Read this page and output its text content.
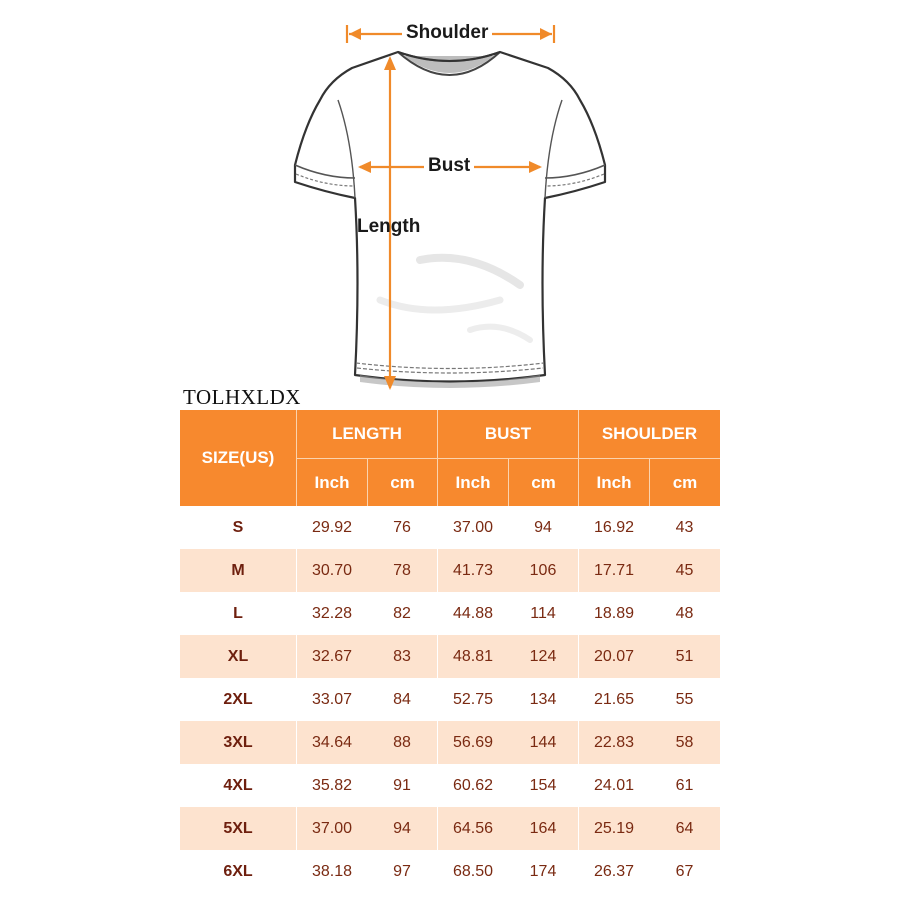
Shoulder
Bust
Length
TOLHXLDX
SIZE(US)	LENGTH		BUST		SHOULDER	
	Inch	cm	Inch	cm	Inch	cm
S	29.92	76	37.00	94	16.92	43
M	30.70	78	41.73	106	17.71	45
L	32.28	82	44.88	114	18.89	48
XL	32.67	83	48.81	124	20.07	51
2XL	33.07	84	52.75	134	21.65	55
3XL	34.64	88	56.69	144	22.83	58
4XL	35.82	91	60.62	154	24.01	61
5XL	37.00	94	64.56	164	25.19	64
6XL	38.18	97	68.50	174	26.37	67
